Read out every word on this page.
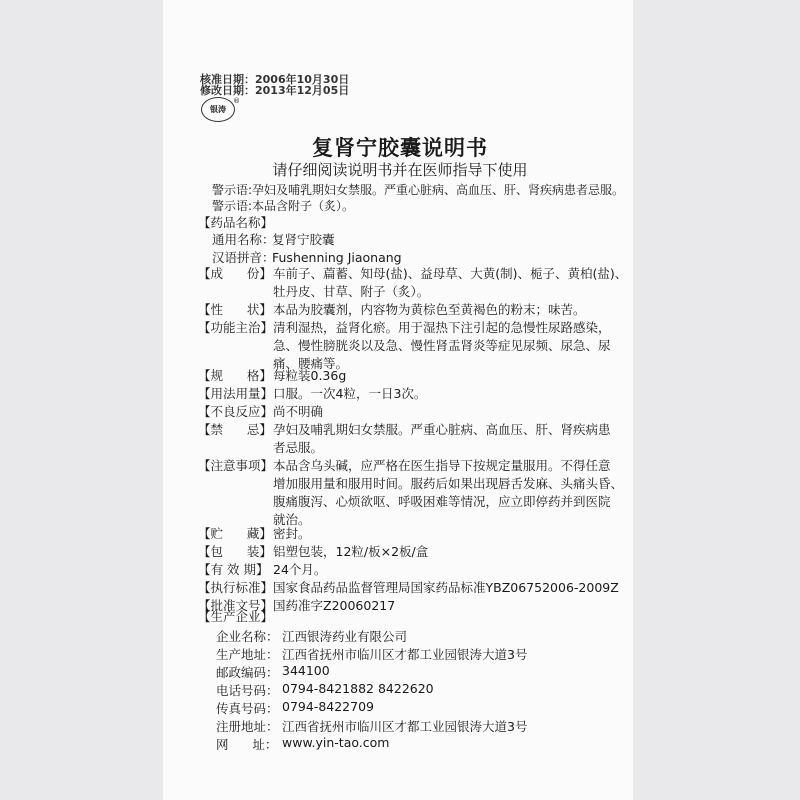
核准日期：2006年10月30日
修改日期：2013年12月05日
银涛
®
复肾宁胶囊说明书
请仔细阅读说明书并在医师指导下使用
警示语:孕妇及哺乳期妇女禁服。严重心脏病、高血压、肝、肾疾病患者忌服。
警示语:本品含附子（炙）。
【药品名称】
通用名称：
复肾宁胶囊
汉语拼音：
Fushenning Jiaonang
【成      份】 车前子、萹蓄、知母(盐)、益母草、大黄(制)、栀子、黄柏(盐)、
牡丹皮、甘草、附子（炙）。
【性      状】 本品为胶囊剂，内容物为黄棕色至黄褐色的粉末；味苦。
【功能主治】 清利湿热，益肾化瘀。用于湿热下注引起的急慢性尿路感染，
急、慢性膀胱炎以及急、慢性肾盂肾炎等症见尿频、尿急、尿
痛、腰痛等。
【规      格】 每粒装0.36g
【用法用量】 口服。一次4粒，一日3次。
【不良反应】 尚不明确
【禁      忌】 孕妇及哺乳期妇女禁服。严重心脏病、高血压、肝、肾疾病患
者忌服。
【注意事项】 本品含乌头碱，应严格在医生指导下按规定量服用。不得任意
增加服用量和服用时间。服药后如果出现唇舌发麻、头痛头昏、
腹痛腹泻、心烦欲呕、呼吸困难等情况，应立即停药并到医院
就治。
【贮      藏】 密封。
【包      装】 铝塑包装，12粒/板×2板/盒
【有 效 期】 24个月。
【执行标准】 国家食品药品监督管理局国家药品标准YBZ06752006-2009Z
【批准文号】 国药准字Z20060217
【生产企业】
企业名称： 江西银涛药业有限公司
生产地址： 江西省抚州市临川区才都工业园银涛大道3号
邮政编码： 344100
电话号码： 0794-8421882 8422620
传真号码： 0794-8422709
注册地址： 江西省抚州市临川区才都工业园银涛大道3号
网      址： www.yin-tao.com
